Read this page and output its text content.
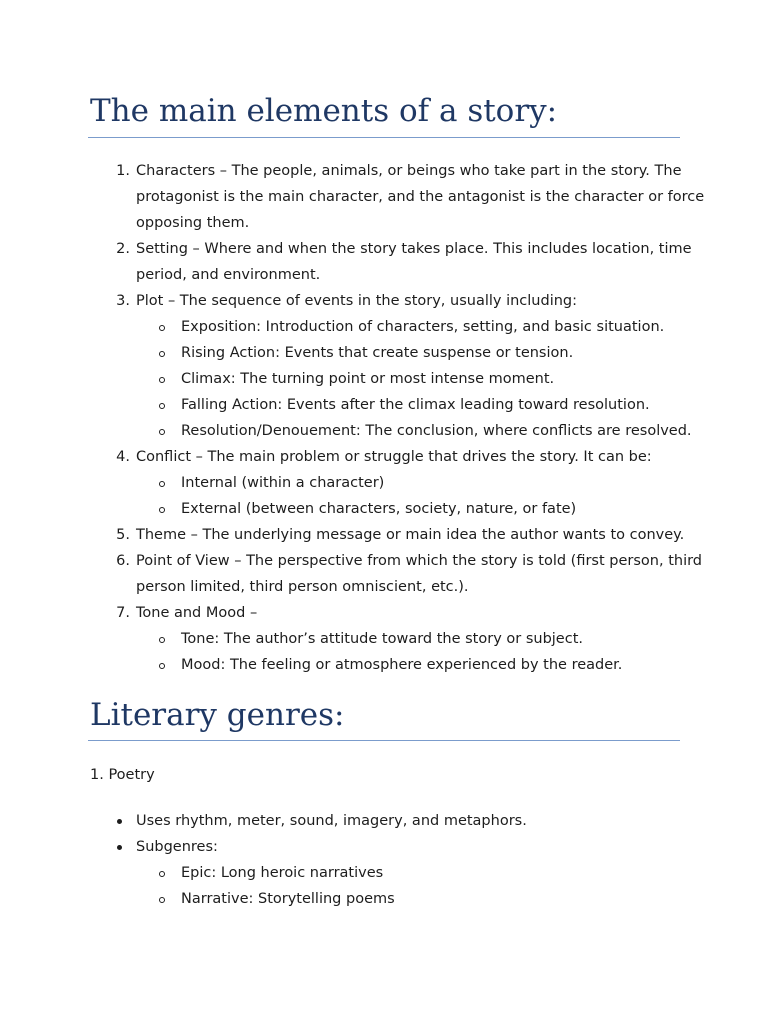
The main elements of a story:
1. Characters – The people, animals, or beings who take part in the story. The

protagonist is the main character, and the antagonist is the character or force

opposing them.

2. Setting – Where and when the story takes place. This includes location, time

period, and environment.

3. Plot – The sequence of events in the story, usually including:

Exposition: Introduction of characters, setting, and basic situation.

Rising Action: Events that create suspense or tension.

Climax: The turning point or most intense moment.

Falling Action: Events after the climax leading toward resolution.

Resolution/Denouement: The conclusion, where conflicts are resolved.

4. Conflict – The main problem or struggle that drives the story. It can be:

Internal (within a character)

External (between characters, society, nature, or fate)

5. Theme – The underlying message or main idea the author wants to convey.

6. Point of View – The perspective from which the story is told (first person, third

person limited, third person omniscient, etc.).

7. Tone and Mood –

Tone: The author’s attitude toward the story or subject.

Mood: The feeling or atmosphere experienced by the reader.

Literary genres:

1. Poetry

Uses rhythm, meter, sound, imagery, and metaphors.

Subgenres:

Epic: Long heroic narratives

Narrative: Storytelling poems
